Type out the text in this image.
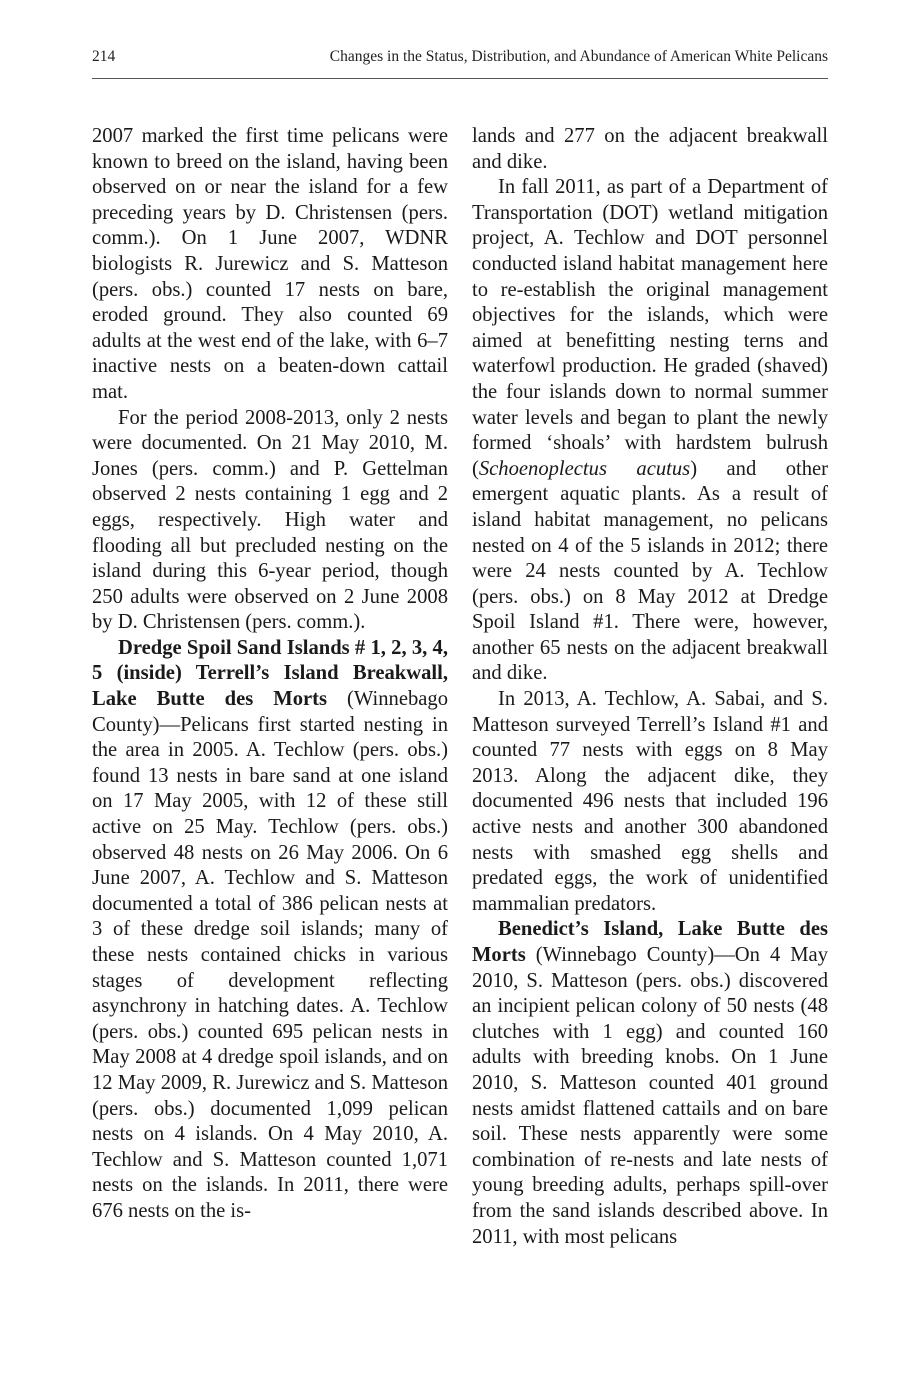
214	Changes in the Status, Distribution, and Abundance of American White Pelicans

2007 marked the first time pelicans were known to breed on the island, having been observed on or near the island for a few preceding years by D. Christensen (pers. comm.). On 1 June 2007, WDNR biologists R. Jurewicz and S. Matteson (pers. obs.) counted 17 nests on bare, eroded ground. They also counted 69 adults at the west end of the lake, with 6–7 inactive nests on a beaten-down cattail mat.

For the period 2008-2013, only 2 nests were documented. On 21 May 2010, M. Jones (pers. comm.) and P. Gettelman observed 2 nests containing 1 egg and 2 eggs, respectively. High water and flooding all but precluded nesting on the island during this 6-year period, though 250 adults were observed on 2 June 2008 by D. Christensen (pers. comm.).

Dredge Spoil Sand Islands # 1, 2, 3, 4, 5 (inside) Terrell’s Island Breakwall, Lake Butte des Morts (Winnebago County)—Pelicans first started nesting in the area in 2005. A. Techlow (pers. obs.) found 13 nests in bare sand at one island on 17 May 2005, with 12 of these still active on 25 May. Techlow (pers. obs.) observed 48 nests on 26 May 2006. On 6 June 2007, A. Techlow and S. Matteson documented a total of 386 pelican nests at 3 of these dredge soil islands; many of these nests contained chicks in various stages of development reflecting asynchrony in hatching dates. A. Techlow (pers. obs.) counted 695 pelican nests in May 2008 at 4 dredge spoil islands, and on 12 May 2009, R. Jurewicz and S. Matteson (pers. obs.) documented 1,099 pelican nests on 4 islands. On 4 May 2010, A. Techlow and S. Matteson counted 1,071 nests on the islands. In 2011, there were 676 nests on the is-

lands and 277 on the adjacent breakwall and dike.

In fall 2011, as part of a Department of Transportation (DOT) wetland mitigation project, A. Techlow and DOT personnel conducted island habitat management here to re-establish the original management objectives for the islands, which were aimed at benefitting nesting terns and waterfowl production. He graded (shaved) the four islands down to normal summer water levels and began to plant the newly formed ‘shoals’ with hardstem bulrush (Schoenoplectus acutus) and other emergent aquatic plants. As a result of island habitat management, no pelicans nested on 4 of the 5 islands in 2012; there were 24 nests counted by A. Techlow (pers. obs.) on 8 May 2012 at Dredge Spoil Island #1. There were, however, another 65 nests on the adjacent breakwall and dike.

In 2013, A. Techlow, A. Sabai, and S. Matteson surveyed Terrell’s Island #1 and counted 77 nests with eggs on 8 May 2013. Along the adjacent dike, they documented 496 nests that included 196 active nests and another 300 abandoned nests with smashed egg shells and predated eggs, the work of unidentified mammalian predators.

Benedict’s Island, Lake Butte des Morts (Winnebago County)—On 4 May 2010, S. Matteson (pers. obs.) discovered an incipient pelican colony of 50 nests (48 clutches with 1 egg) and counted 160 adults with breeding knobs. On 1 June 2010, S. Matteson counted 401 ground nests amidst flattened cattails and on bare soil. These nests apparently were some combination of re-nests and late nests of young breeding adults, perhaps spill-over from the sand islands described above. In 2011, with most pelicans
